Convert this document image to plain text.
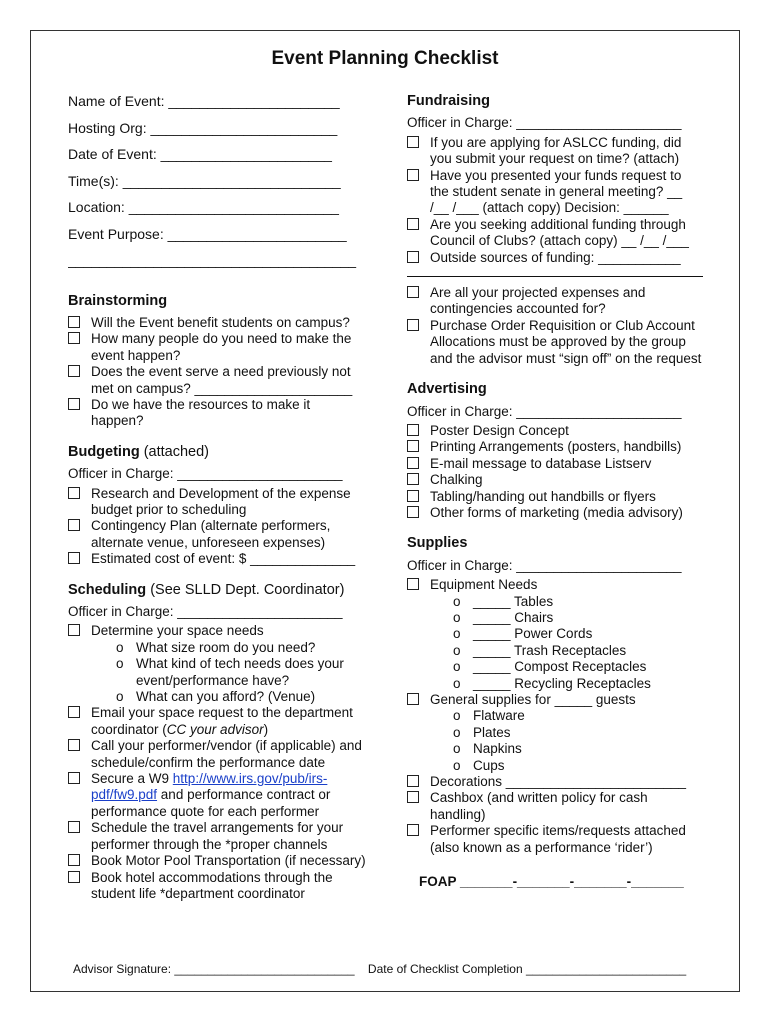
Event Planning Checklist
Name of Event: ______________________
Hosting Org: ________________________
Date of Event: ______________________
Time(s): ____________________________
Location: ___________________________
Event Purpose: _______________________
_____________________________________
Brainstorming
Will the Event benefit students on campus?
How many people do you need to make the event happen?
Does the event serve a need previously not met on campus? _____________________
Do we have the resources to make it happen?
Budgeting (attached)
Officer in Charge: ______________________
Research and Development of the expense budget prior to scheduling
Contingency Plan (alternate performers, alternate venue, unforeseen expenses)
Estimated cost of event: $ ______________
Scheduling (See SLLD Dept. Coordinator)
Officer in Charge: ______________________
Determine your space needs
o What size room do you need?
o What kind of tech needs does your event/performance have?
o What can you afford? (Venue)
Email your space request to the department coordinator (CC your advisor)
Call your performer/vendor (if applicable) and schedule/confirm the performance date
Secure a W9 http://www.irs.gov/pub/irs-pdf/fw9.pdf and performance contract or performance quote for each performer
Schedule the travel arrangements for your performer through the *proper channels
Book Motor Pool Transportation (if necessary)
Book hotel accommodations through the student life *department coordinator
Fundraising
Officer in Charge: ______________________
If you are applying for ASLCC funding, did you submit your request on time? (attach)
Have you presented your funds request to the student senate in general meeting? __ /__ /___ (attach copy) Decision: ______
Are you seeking additional funding through Council of Clubs? (attach copy) __ /__ /___
Outside sources of funding: ___________
Are all your projected expenses and contingencies accounted for?
Purchase Order Requisition or Club Account Allocations must be approved by the group and the advisor must “sign off” on the request
Advertising
Officer in Charge: ______________________
Poster Design Concept
Printing Arrangements (posters, handbills)
E-mail message to database Listserv
Chalking
Tabling/handing out handbills or flyers
Other forms of marketing (media advisory)
Supplies
Officer in Charge: ______________________
Equipment Needs
o _____ Tables
o _____ Chairs
o _____ Power Cords
o _____ Trash Receptacles
o _____ Compost Receptacles
o _____ Recycling Receptacles
General supplies for _____ guests
o Flatware
o Plates
o Napkins
o Cups
Decorations ________________________
Cashbox (and written policy for cash handling)
Performer specific items/requests attached (also known as a performance ‘rider’)
FOAP _______-_______-_______-_______
Advisor Signature: ___________________________ Date of Checklist Completion ________________________
